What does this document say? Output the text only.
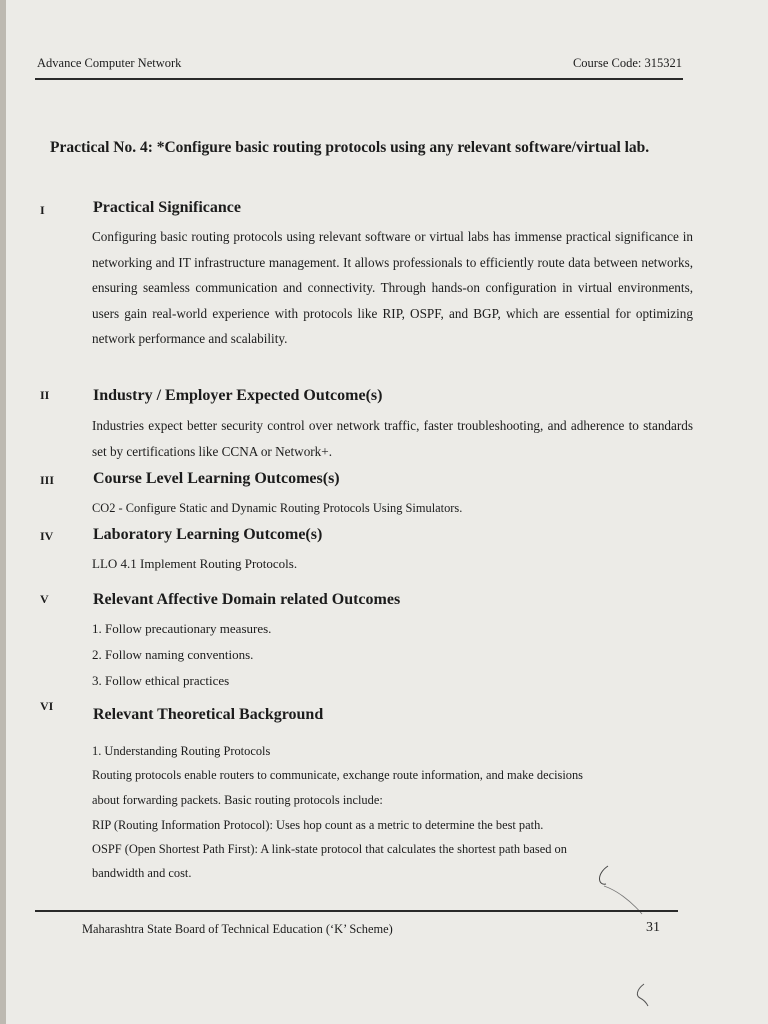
Advance Computer Network	Course Code: 315321
Practical No. 4: *Configure basic routing protocols using any relevant software/virtual lab.
I	Practical Significance
Configuring basic routing protocols using relevant software or virtual labs has immense practical significance in networking and IT infrastructure management. It allows professionals to efficiently route data between networks, ensuring seamless communication and connectivity. Through hands-on configuration in virtual environments, users gain real-world experience with protocols like RIP, OSPF, and BGP, which are essential for optimizing network performance and scalability.
II	Industry / Employer Expected Outcome(s)
Industries expect better security control over network traffic, faster troubleshooting, and adherence to standards set by certifications like CCNA or Network+.
III	Course Level Learning Outcomes(s)
CO2 - Configure Static and Dynamic Routing Protocols Using Simulators.
IV	Laboratory Learning Outcome(s)
LLO 4.1 Implement Routing Protocols.
V	Relevant Affective Domain related Outcomes
1. Follow precautionary measures.
2. Follow naming conventions.
3. Follow ethical practices
VI	Relevant Theoretical Background
1. Understanding Routing Protocols
Routing protocols enable routers to communicate, exchange route information, and make decisions
about forwarding packets. Basic routing protocols include:
RIP (Routing Information Protocol): Uses hop count as a metric to determine the best path.
OSPF (Open Shortest Path First): A link-state protocol that calculates the shortest path based on
bandwidth and cost.
Maharashtra State Board of Technical Education (‘K’ Scheme)	31
